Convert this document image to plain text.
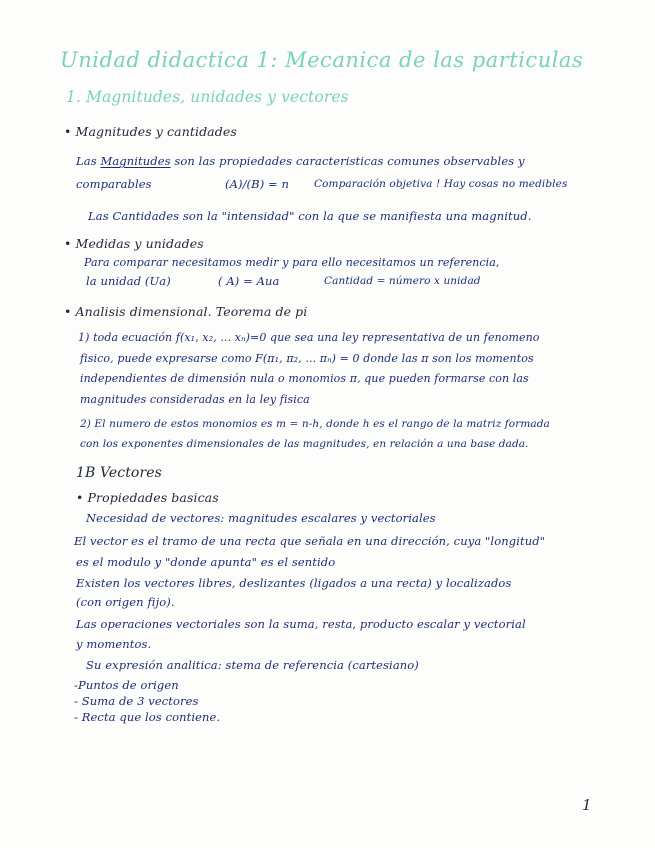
Unidad didactica 1: Mecanica de las particulas
1. Magnitudes, unidades y vectores
• Magnitudes y cantidades
Las Magnitudes son las propiedades caracteristicas comunes observables y
comparables	(A)/(B) = n Comparación objetiva ! Hay cosas no medibles
Las Cantidades son la "intensidad" con la que se manifiesta una magnitud.
• Medidas y unidades
Para comparar necesitamos medir y para ello necesitamos un referencia,
la unidad (Ua)	( A) = Aua	Cantidad = número x unidad
• Analisis dimensional. Teorema de pi
1) toda ecuación f(x₁, x₂, ... xₙ)=0 que sea una ley representativa de un fenomeno
fisico, puede expresarse como F(π₁, π₂, ... πₙ) = 0 donde las π son los momentos
independientes de dimensión nula o monomios π, que pueden formarse con las
magnitudes consideradas en la ley fisica
2) El numero de estos monomios es m = n-h, donde h es el rango de la matriz formada
con los exponentes dimensionales de las magnitudes, en relación a una base dada.
1B Vectores
• Propiedades basicas
Necesidad de vectores: magnitudes escalares y vectoriales
El vector es el tramo de una recta que señala en una dirección, cuya "longitud"
es el modulo y "donde apunta" es el sentido
Existen los vectores libres, deslizantes (ligados a una recta) y localizados
(con origen fijo).
Las operaciones vectoriales son la suma, resta, producto escalar y vectorial
y momentos.
Su expresión analitica: stema de referencia (cartesiano)
-Puntos de origen
- Suma de 3 vectores
- Recta que los contiene.
1
